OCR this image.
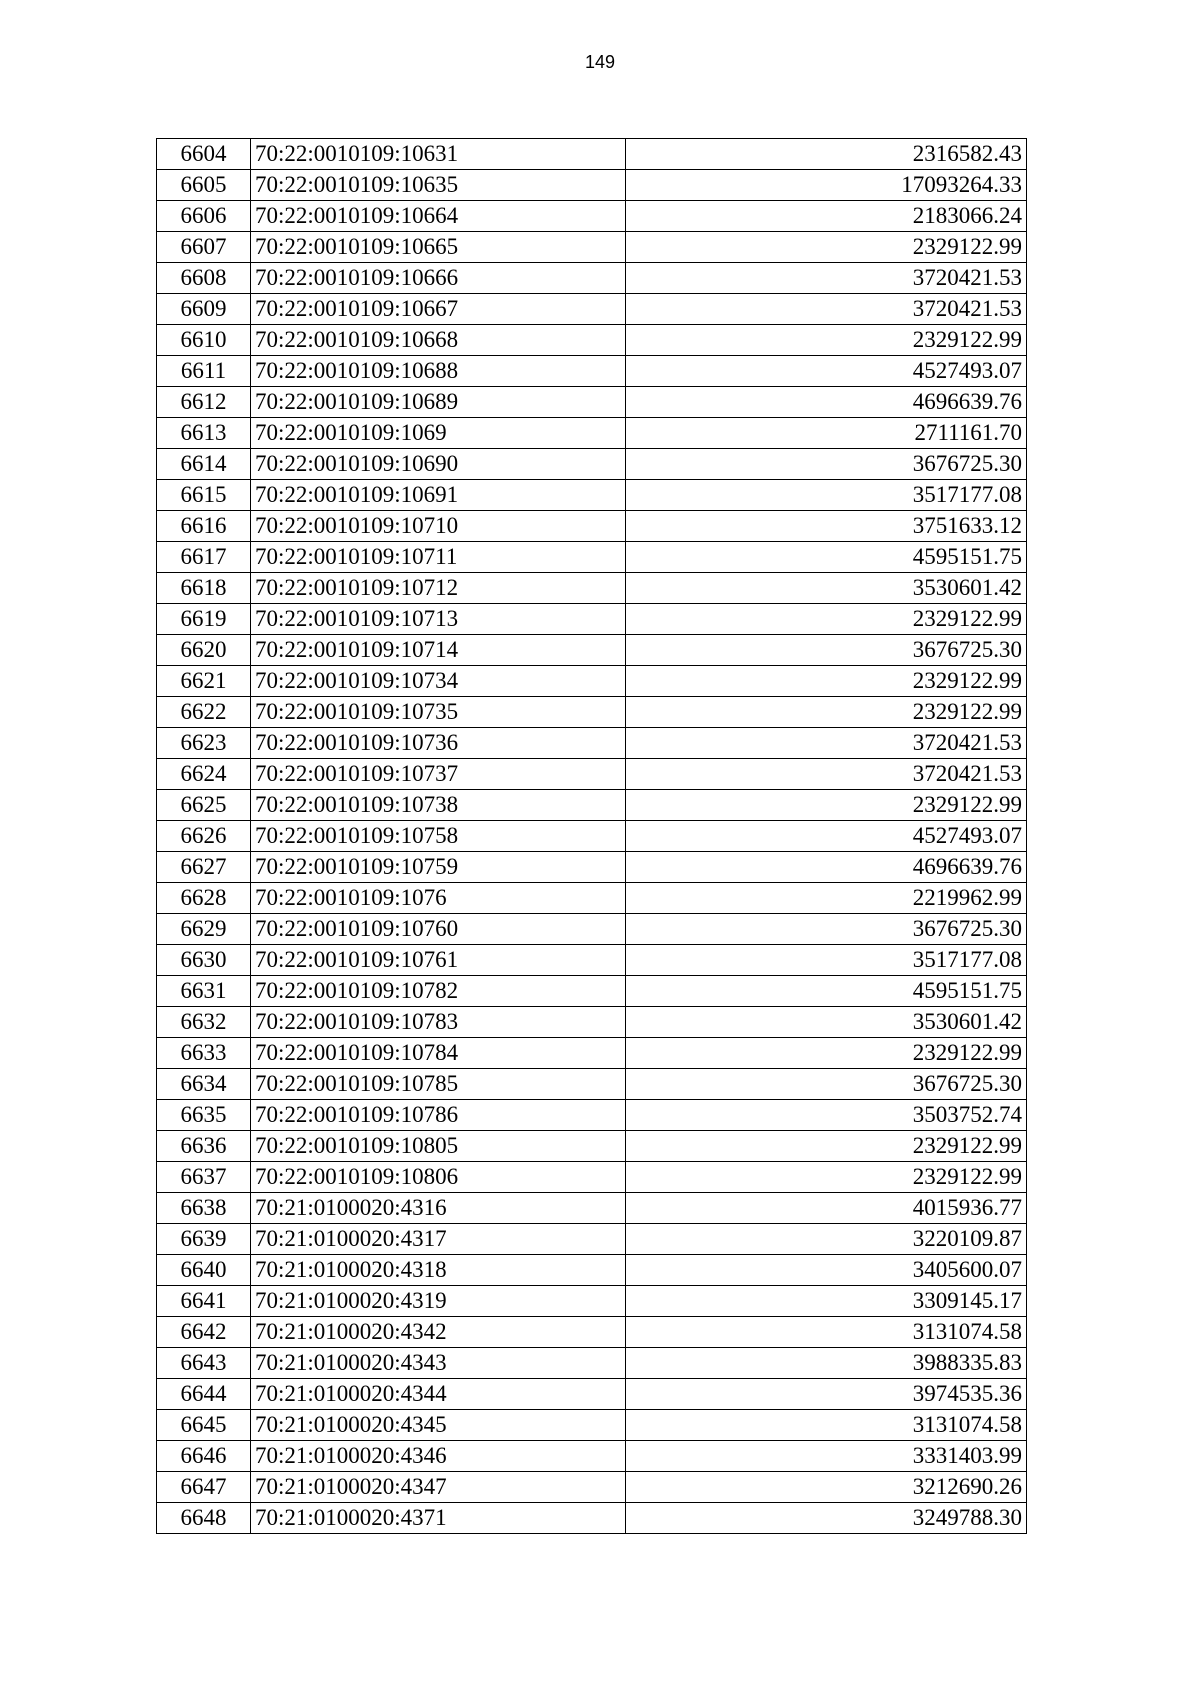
149
6604	70:22:0010109:10631	2316582.43
6605	70:22:0010109:10635	17093264.33
6606	70:22:0010109:10664	2183066.24
6607	70:22:0010109:10665	2329122.99
6608	70:22:0010109:10666	3720421.53
6609	70:22:0010109:10667	3720421.53
6610	70:22:0010109:10668	2329122.99
6611	70:22:0010109:10688	4527493.07
6612	70:22:0010109:10689	4696639.76
6613	70:22:0010109:1069	2711161.70
6614	70:22:0010109:10690	3676725.30
6615	70:22:0010109:10691	3517177.08
6616	70:22:0010109:10710	3751633.12
6617	70:22:0010109:10711	4595151.75
6618	70:22:0010109:10712	3530601.42
6619	70:22:0010109:10713	2329122.99
6620	70:22:0010109:10714	3676725.30
6621	70:22:0010109:10734	2329122.99
6622	70:22:0010109:10735	2329122.99
6623	70:22:0010109:10736	3720421.53
6624	70:22:0010109:10737	3720421.53
6625	70:22:0010109:10738	2329122.99
6626	70:22:0010109:10758	4527493.07
6627	70:22:0010109:10759	4696639.76
6628	70:22:0010109:1076	2219962.99
6629	70:22:0010109:10760	3676725.30
6630	70:22:0010109:10761	3517177.08
6631	70:22:0010109:10782	4595151.75
6632	70:22:0010109:10783	3530601.42
6633	70:22:0010109:10784	2329122.99
6634	70:22:0010109:10785	3676725.30
6635	70:22:0010109:10786	3503752.74
6636	70:22:0010109:10805	2329122.99
6637	70:22:0010109:10806	2329122.99
6638	70:21:0100020:4316	4015936.77
6639	70:21:0100020:4317	3220109.87
6640	70:21:0100020:4318	3405600.07
6641	70:21:0100020:4319	3309145.17
6642	70:21:0100020:4342	3131074.58
6643	70:21:0100020:4343	3988335.83
6644	70:21:0100020:4344	3974535.36
6645	70:21:0100020:4345	3131074.58
6646	70:21:0100020:4346	3331403.99
6647	70:21:0100020:4347	3212690.26
6648	70:21:0100020:4371	3249788.30
